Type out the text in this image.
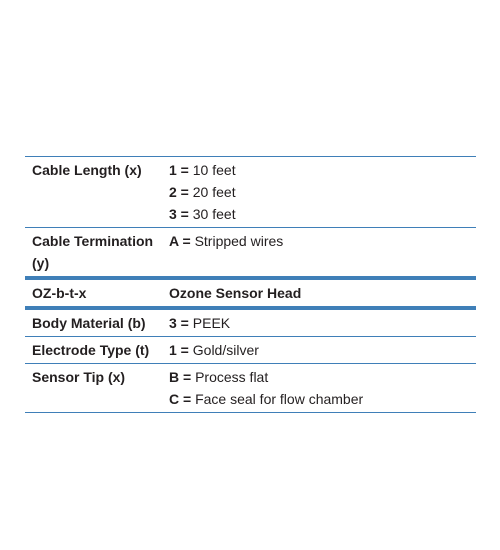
Cable Length (x)	1 = 10 feet
2 = 20 feet
3 = 30 feet

Cable Termination (y)	A = Stripped wires

OZ-b-t-x	Ozone Sensor Head
Body Material (b)	3 = PEEK

Electrode Type (t)	1 = Gold/silver

Sensor Tip (x)	B = Process flat
C = Face seal for flow chamber
